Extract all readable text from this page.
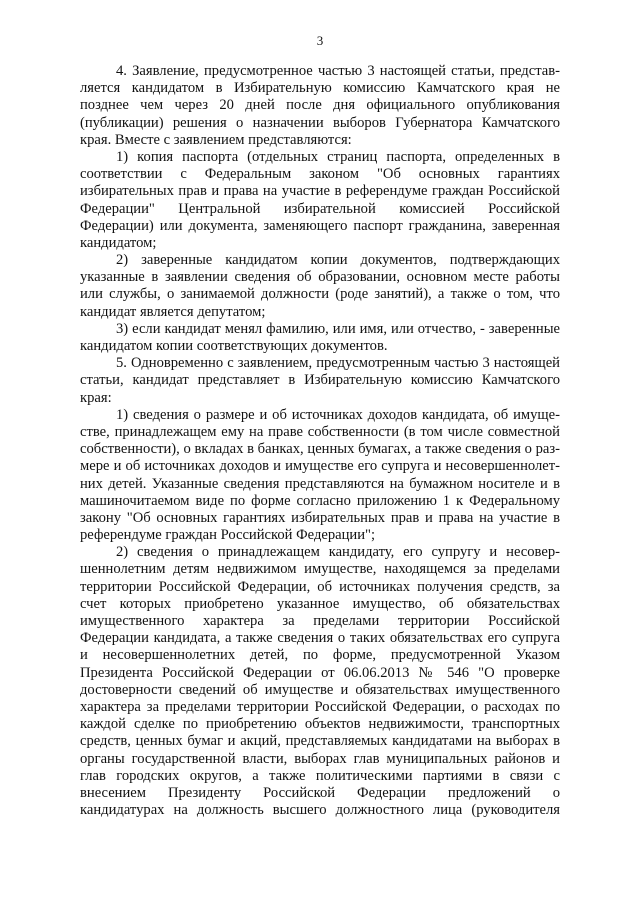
3
4. Заявление, предусмотренное частью 3 настоящей статьи, представ-
ляется кандидатом в Избирательную комиссию Камчатского края не
позднее чем через 20 дней после дня официального опубликования
(публикации) решения о назначении выборов Губернатора Камчатского
края. Вместе с заявлением представляются:
1) копия паспорта (отдельных страниц паспорта, определенных в
соответствии с Федеральным законом "Об основных гарантиях
избирательных прав и права на участие в референдуме граждан Российской
Федерации" Центральной избирательной комиссией Российской
Федерации) или документа, заменяющего паспорт гражданина, заверенная
кандидатом;
2) заверенные кандидатом копии документов, подтверждающих
указанные в заявлении сведения об образовании, основном месте работы
или службы, о занимаемой должности (роде занятий), а также о том, что
кандидат является депутатом;
3) если кандидат менял фамилию, или имя, или отчество, - заверенные
кандидатом копии соответствующих документов.
5. Одновременно с заявлением, предусмотренным частью 3 настоящей
статьи, кандидат представляет в Избирательную комиссию Камчатского
края:
1) сведения о размере и об источниках доходов кандидата, об имуще-
стве, принадлежащем ему на праве собственности (в том числе совместной
собственности), о вкладах в банках, ценных бумагах, а также сведения о раз-
мере и об источниках доходов и имуществе его супруга и несовершеннолет-
них детей. Указанные сведения представляются на бумажном носителе и в
машиночитаемом виде по форме согласно приложению 1 к Федеральному
закону "Об основных гарантиях избирательных прав и права на участие в
референдуме граждан Российской Федерации";
2) сведения о принадлежащем кандидату, его супругу и несовер-
шеннолетним детям недвижимом имуществе, находящемся за пределами
территории Российской Федерации, об источниках получения средств, за
счет которых приобретено указанное имущество, об обязательствах
имущественного характера за пределами территории Российской
Федерации кандидата, а также сведения о таких обязательствах его супруга
и несовершеннолетних детей, по форме, предусмотренной Указом
Президента Российской Федерации от 06.06.2013 № 546 "О проверке
достоверности сведений об имуществе и обязательствах имущественного
характера за пределами территории Российской Федерации, о расходах по
каждой сделке по приобретению объектов недвижимости, транспортных
средств, ценных бумаг и акций, представляемых кандидатами на выборах в
органы государственной власти, выборах глав муниципальных районов и
глав городских округов, а также политическими партиями в связи с
внесением Президенту Российской Федерации предложений о
кандидатурах на должность высшего должностного лица (руководителя
